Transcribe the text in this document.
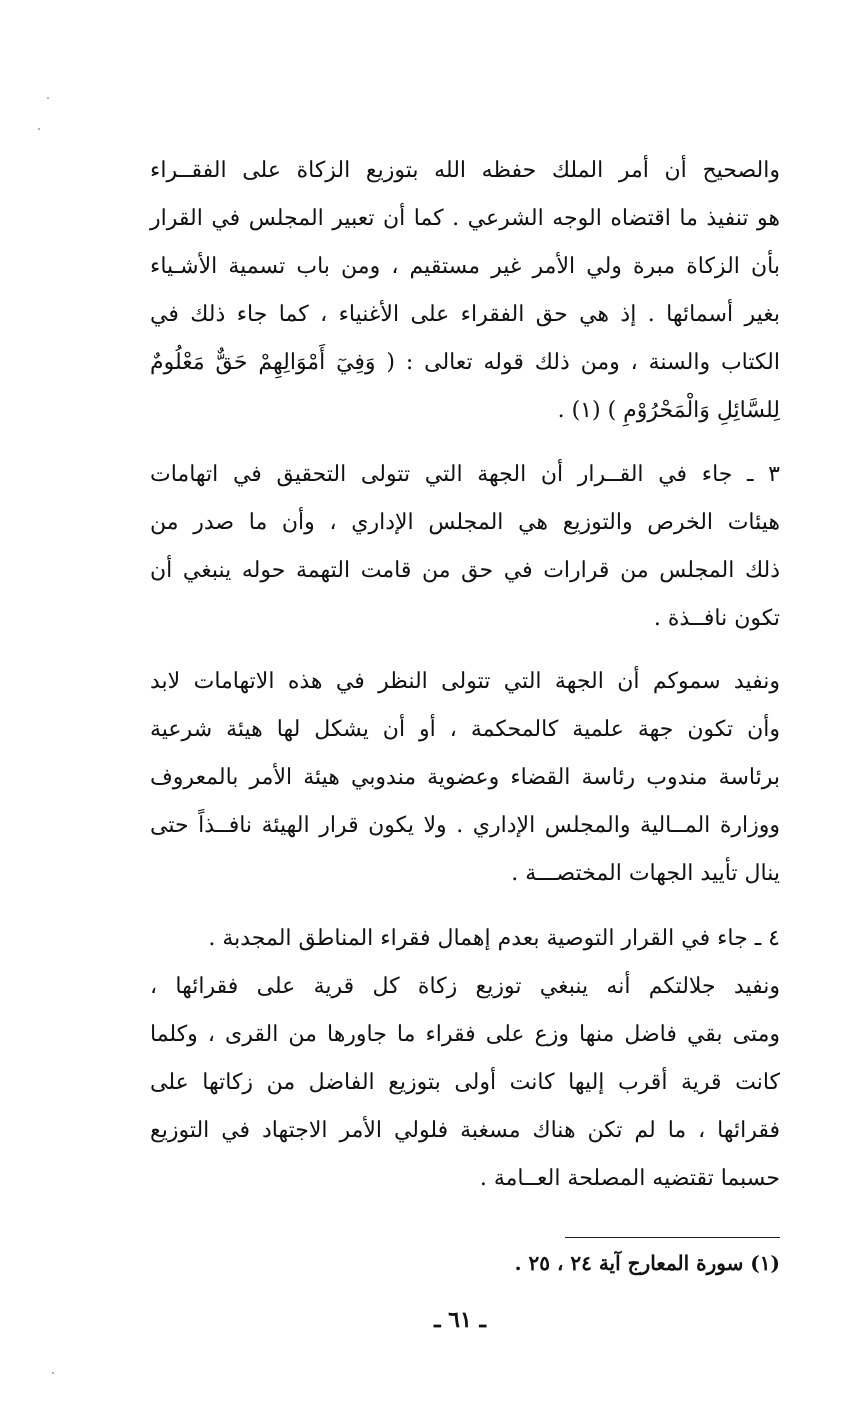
والصحيح أن أمر الملك حفظه الله بتوزيع الزكاة على الفقــراء
هو تنفيذ ما اقتضاه الوجه الشرعي . كما أن تعبير المجلس في القرار
بأن الزكاة مبرة ولي الأمر غير مستقيم ، ومن باب تسمية الأشـياء
بغير أسمائها . إذ هي حق الفقراء على الأغنياء ، كما جاء ذلك في
الكتاب والسنة ، ومن ذلك قوله تعالى : ( وَفِيٓ أَمْوَالِهِمْ حَقٌّ مَعْلُومٌ
لِلسَّائِلِ وَالْمَحْرُوْمِ ) (١) .
٣ ـ جاء في القــرار أن الجهة التي تتولى التحقيق في اتهامات
هيئات الخرص والتوزيع هي المجلس الإداري ، وأن ما صدر من
ذلك المجلس من قرارات في حق من قامت التهمة حوله ينبغي أن
تكون نافــذة .
ونفيد سموكم أن الجهة التي تتولى النظر في هذه الاتهامات لابد
وأن تكون جهة علمية كالمحكمة ، أو أن يشكل لها هيئة شرعية
برئاسة مندوب رئاسة القضاء وعضوية مندوبي هيئة الأمر بالمعروف
ووزارة المــالية والمجلس الإداري . ولا يكون قرار الهيئة نافــذاً حتى
ينال تأييد الجهات المختصـــة .
٤ ـ جاء في القرار التوصية بعدم إهمال فقراء المناطق المجدبة .
ونفيد جلالتكم أنه ينبغي توزيع زكاة كل قرية على فقرائها ،
ومتى بقي فاضل منها وزع على فقراء ما جاورها من القرى ، وكلما
كانت قرية أقرب إليها كانت أولى بتوزيع الفاضل من زكاتها على
فقرائها ، ما لم تكن هناك مسغبة فلولي الأمر الاجتهاد في التوزيع
حسبما تقتضيه المصلحة العــامة .
(١) سورة المعارج آية ٢٤ ، ٢٥ .
ـ ٦١ ـ
